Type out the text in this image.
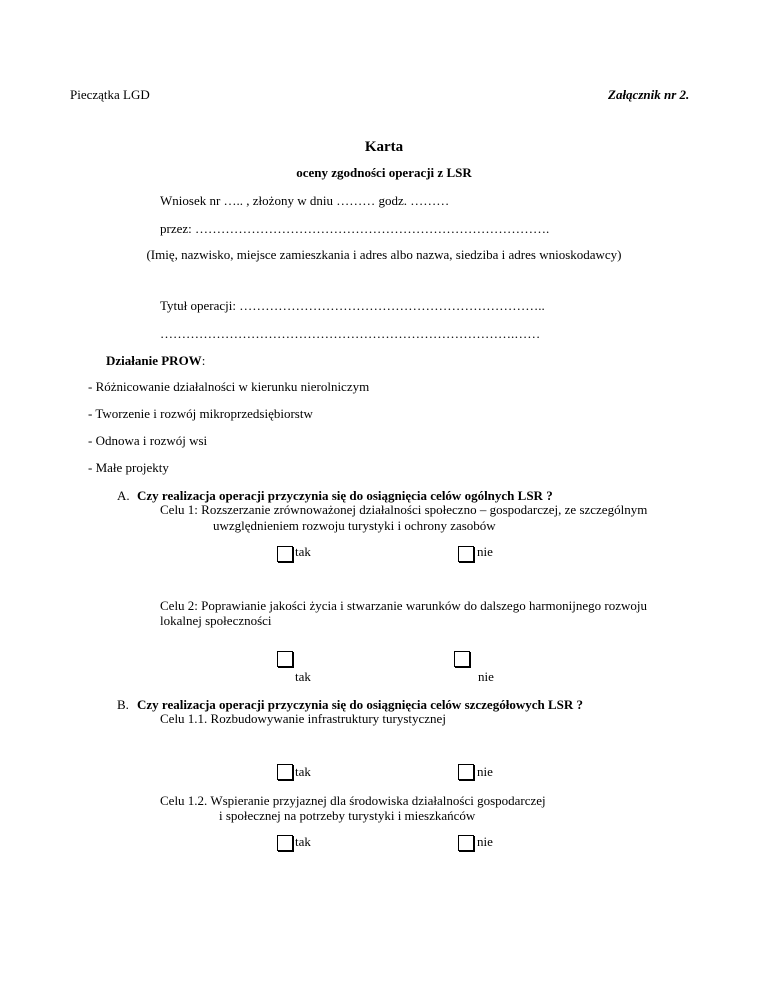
Pieczątka LGD	Załącznik nr 2.
Karta
oceny zgodności operacji z LSR
Wniosek nr ….. , złożony w dniu ……… godz. ………
przez: ……………………………………………………………………….
(Imię, nazwisko, miejsce zamieszkania i adres albo nazwa, siedziba i adres wnioskodawcy)
Tytuł operacji: ……………………………………………………………..
……………………………………………………………………….……
Działanie PROW:
- Różnicowanie działalności w kierunku nierolniczym
- Tworzenie i rozwój mikroprzedsiębiorstw
- Odnowa i rozwój wsi
- Małe projekty
A. Czy realizacja operacji przyczynia się do osiągnięcia celów ogólnych LSR ?
Celu 1: Rozszerzanie zrównoważonej działalności społeczno – gospodarczej, ze szczególnym
uwzględnieniem rozwoju turystyki i ochrony zasobów
tak	nie
Celu 2: Poprawianie jakości życia i stwarzanie warunków do dalszego harmonijnego rozwoju
lokalnej społeczności
tak	nie
B. Czy realizacja operacji przyczynia się do osiągnięcia celów szczegółowych LSR ?
Celu 1.1. Rozbudowywanie infrastruktury turystycznej
tak	nie
Celu 1.2. Wspieranie przyjaznej dla środowiska działalności gospodarczej
i społecznej na potrzeby turystyki i mieszkańców
tak	nie
